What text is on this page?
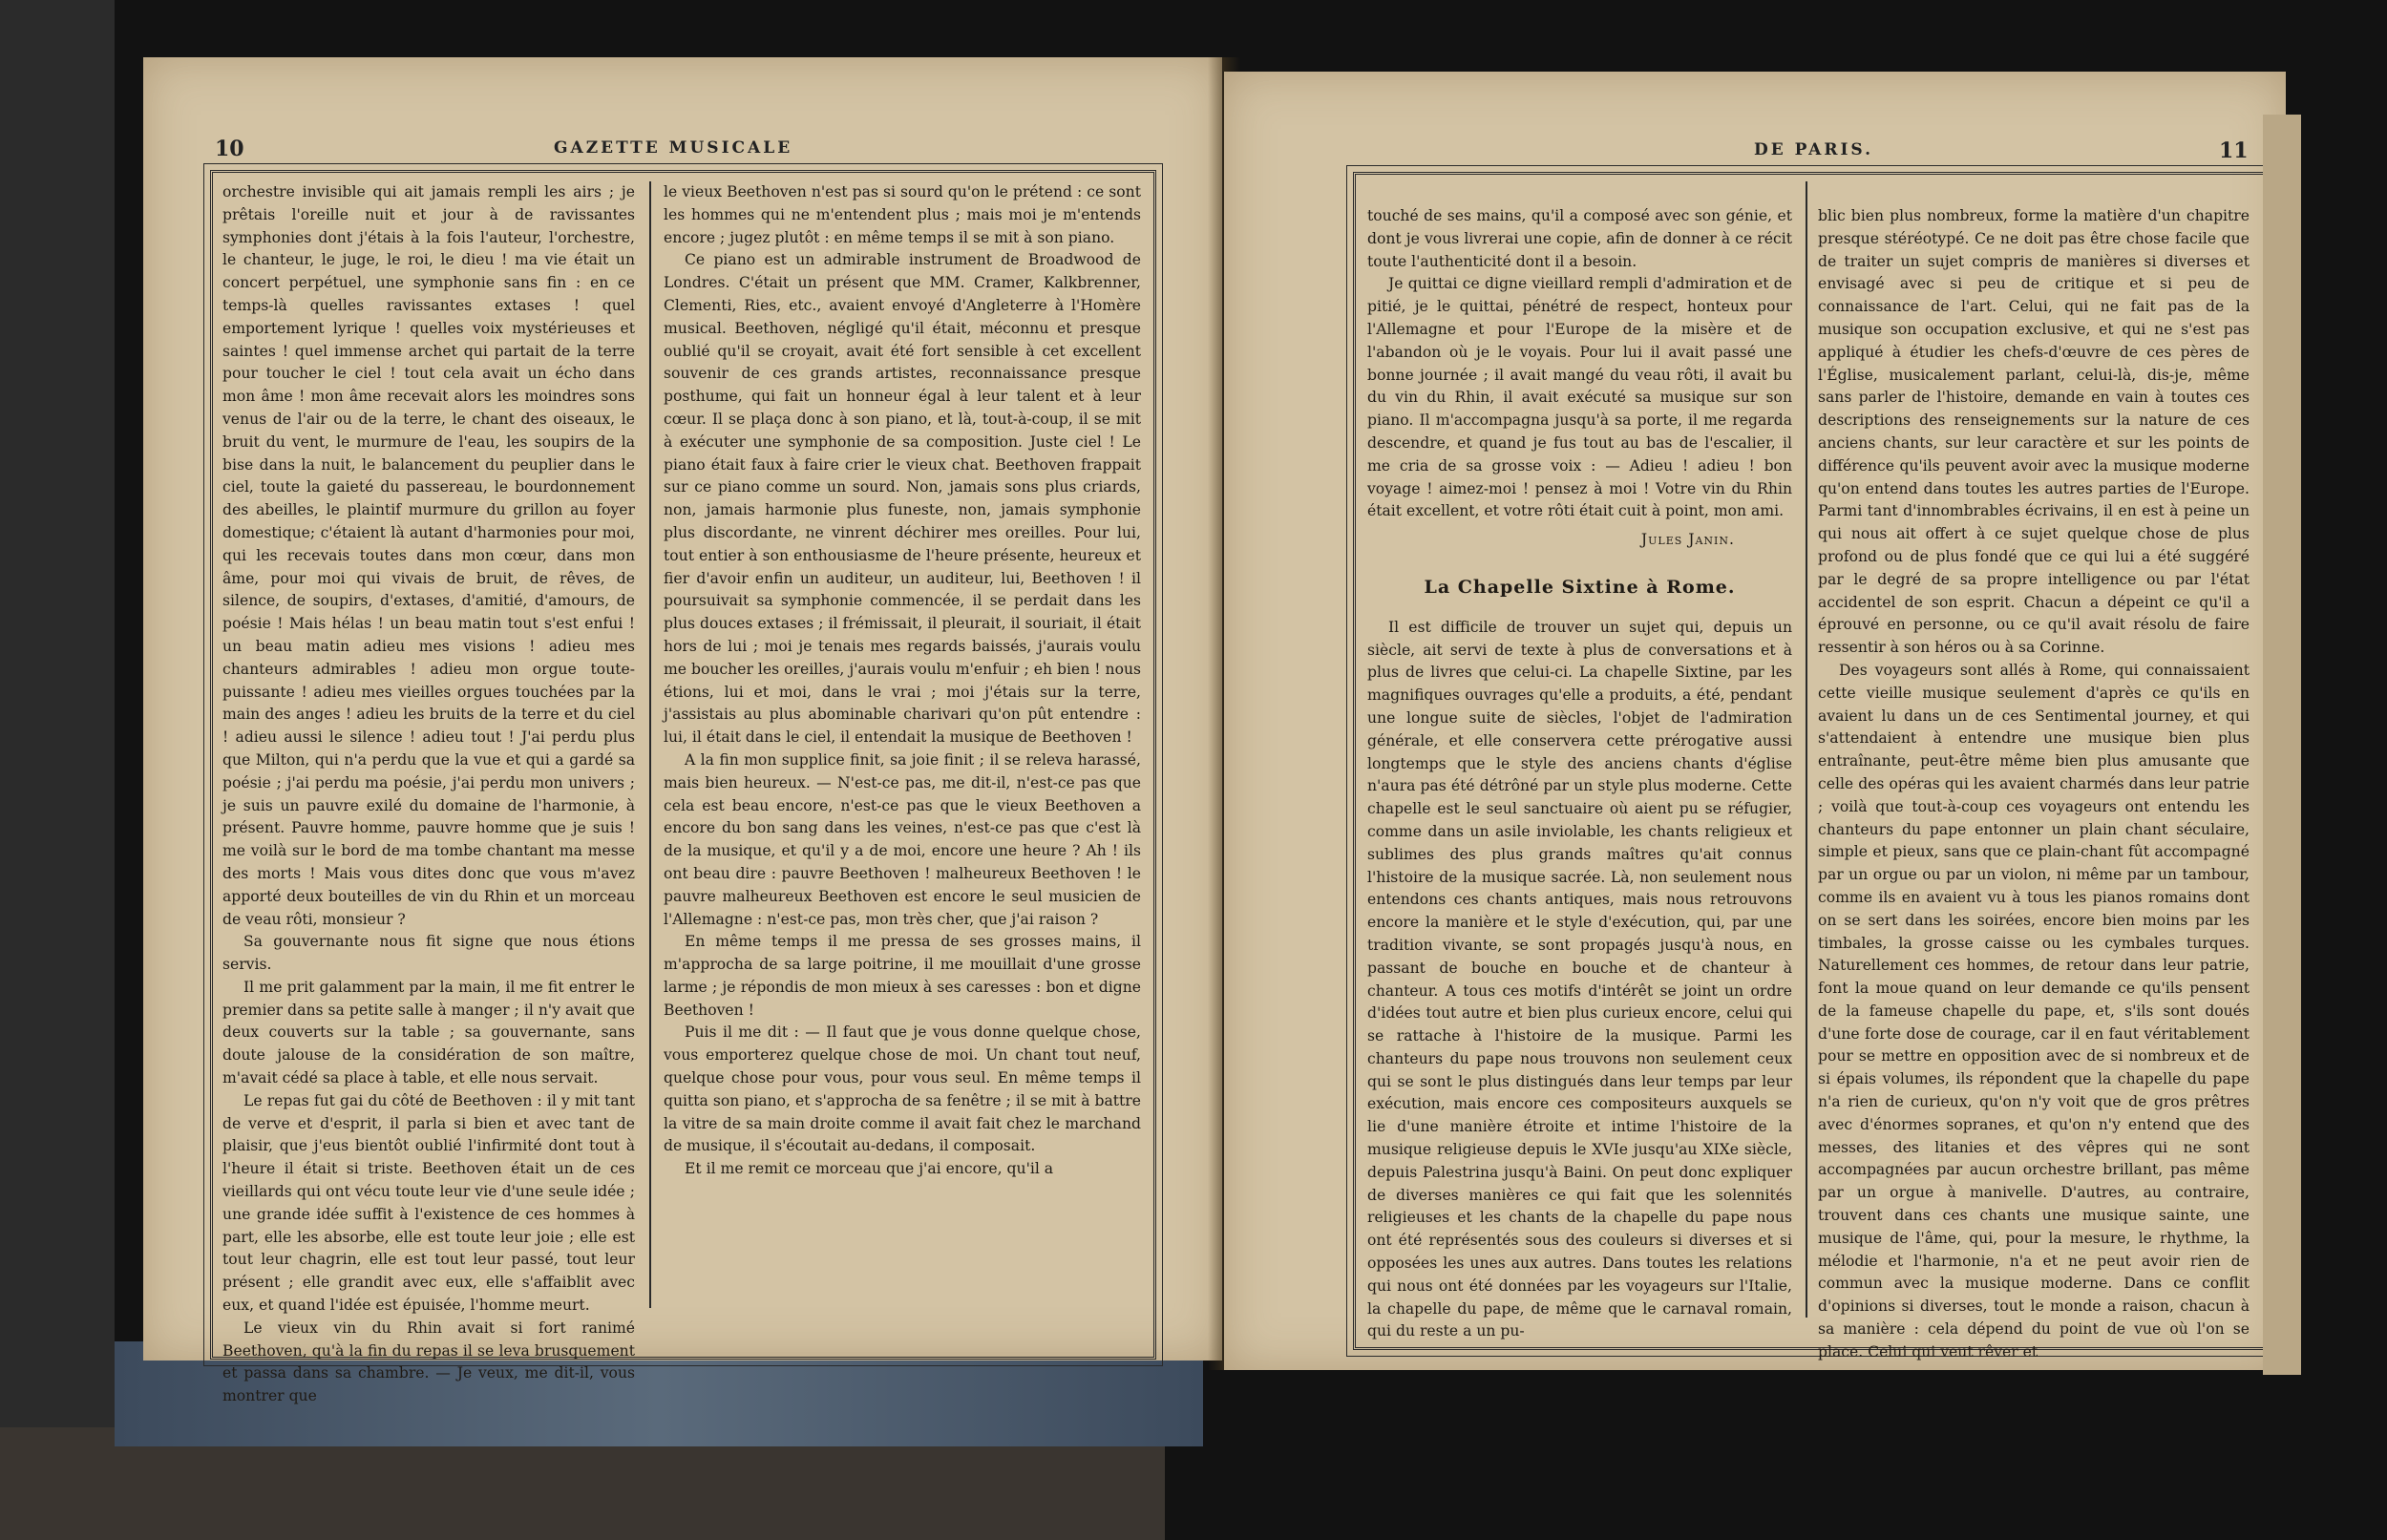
10	GAZETTE MUSICALE

orchestre invisible qui ait jamais rempli les airs ; je prêtais l'oreille nuit et jour à de ravissantes symphonies dont j'étais à la fois l'auteur, l'orchestre, le chanteur, le juge, le roi, le dieu ! ma vie était un concert perpétuel, une symphonie sans fin : en ce temps-là quelles ravissantes extases ! quel emportement lyrique ! quelles voix mystérieuses et saintes ! quel immense archet qui partait de la terre pour toucher le ciel ! tout cela avait un écho dans mon âme ! mon âme recevait alors les moindres sons venus de l'air ou de la terre, le chant des oiseaux, le bruit du vent, le murmure de l'eau, les soupirs de la bise dans la nuit, le balancement du peuplier dans le ciel, toute la gaieté du passereau, le bourdonnement des abeilles, le plaintif murmure du grillon au foyer domestique; c'étaient là autant d'harmonies pour moi, qui les recevais toutes dans mon cœur, dans mon âme, pour moi qui vivais de bruit, de rêves, de silence, de soupirs, d'extases, d'amitié, d'amours, de poésie ! Mais hélas ! un beau matin tout s'est enfui ! un beau matin adieu mes visions ! adieu mes chanteurs admirables ! adieu mon orgue toute-puissante ! adieu mes vieilles orgues touchées par la main des anges ! adieu les bruits de la terre et du ciel ! adieu aussi le silence ! adieu tout ! J'ai perdu plus que Milton, qui n'a perdu que la vue et qui a gardé sa poésie ; j'ai perdu ma poésie, j'ai perdu mon univers ; je suis un pauvre exilé du domaine de l'harmonie, à présent. Pauvre homme, pauvre homme que je suis ! me voilà sur le bord de ma tombe chantant ma messe des morts ! Mais vous dites donc que vous m'avez apporté deux bouteilles de vin du Rhin et un morceau de veau rôti, monsieur ?

Sa gouvernante nous fit signe que nous étions servis.

Il me prit galamment par la main, il me fit entrer le premier dans sa petite salle à manger ; il n'y avait que deux couverts sur la table ; sa gouvernante, sans doute jalouse de la considération de son maître, m'avait cédé sa place à table, et elle nous servait.

Le repas fut gai du côté de Beethoven : il y mit tant de verve et d'esprit, il parla si bien et avec tant de plaisir, que j'eus bientôt oublié l'infirmité dont tout à l'heure il était si triste. Beethoven était un de ces vieillards qui ont vécu toute leur vie d'une seule idée ; une grande idée suffit à l'existence de ces hommes à part, elle les absorbe, elle est toute leur joie ; elle est tout leur chagrin, elle est tout leur passé, tout leur présent ; elle grandit avec eux, elle s'affaiblit avec eux, et quand l'idée est épuisée, l'homme meurt.

Le vieux vin du Rhin avait si fort ranimé Beethoven, qu'à la fin du repas il se leva brusquement et passa dans sa chambre. — Je veux, me dit-il, vous montrer que

le vieux Beethoven n'est pas si sourd qu'on le prétend : ce sont les hommes qui ne m'entendent plus ; mais moi je m'entends encore ; jugez plutôt : en même temps il se mit à son piano.

Ce piano est un admirable instrument de Broadwood de Londres. C'était un présent que MM. Cramer, Kalkbrenner, Clementi, Ries, etc., avaient envoyé d'Angleterre à l'Homère musical. Beethoven, négligé qu'il était, méconnu et presque oublié qu'il se croyait, avait été fort sensible à cet excellent souvenir de ces grands artistes, reconnaissance presque posthume, qui fait un honneur égal à leur talent et à leur cœur. Il se plaça donc à son piano, et là, tout-à-coup, il se mit à exécuter une symphonie de sa composition. Juste ciel ! Le piano était faux à faire crier le vieux chat. Beethoven frappait sur ce piano comme un sourd. Non, jamais sons plus criards, non, jamais harmonie plus funeste, non, jamais symphonie plus discordante, ne vinrent déchirer mes oreilles. Pour lui, tout entier à son enthousiasme de l'heure présente, heureux et fier d'avoir enfin un auditeur, un auditeur, lui, Beethoven ! il poursuivait sa symphonie commencée, il se perdait dans les plus douces extases ; il frémissait, il pleurait, il souriait, il était hors de lui ; moi je tenais mes regards baissés, j'aurais voulu me boucher les oreilles, j'aurais voulu m'enfuir ; eh bien ! nous étions, lui et moi, dans le vrai ; moi j'étais sur la terre, j'assistais au plus abominable charivari qu'on pût entendre : lui, il était dans le ciel, il entendait la musique de Beethoven !

A la fin mon supplice finit, sa joie finit ; il se releva harassé, mais bien heureux. — N'est-ce pas, me dit-il, n'est-ce pas que cela est beau encore, n'est-ce pas que le vieux Beethoven a encore du bon sang dans les veines, n'est-ce pas que c'est là de la musique, et qu'il y a de moi, encore une heure ? Ah ! ils ont beau dire : pauvre Beethoven ! malheureux Beethoven ! le pauvre malheureux Beethoven est encore le seul musicien de l'Allemagne : n'est-ce pas, mon très cher, que j'ai raison ?

En même temps il me pressa de ses grosses mains, il m'approcha de sa large poitrine, il me mouillait d'une grosse larme ; je répondis de mon mieux à ses caresses : bon et digne Beethoven !

Puis il me dit : — Il faut que je vous donne quelque chose, vous emporterez quelque chose de moi. Un chant tout neuf, quelque chose pour vous, pour vous seul. En même temps il quitta son piano, et s'approcha de sa fenêtre ; il se mit à battre la vitre de sa main droite comme il avait fait chez le marchand de musique, il s'écoutait au-dedans, il composait.

Et il me remit ce morceau que j'ai encore, qu'il a

DE PARIS.	11

touché de ses mains, qu'il a composé avec son génie, et dont je vous livrerai une copie, afin de donner à ce récit toute l'authenticité dont il a besoin.

Je quittai ce digne vieillard rempli d'admiration et de pitié, je le quittai, pénétré de respect, honteux pour l'Allemagne et pour l'Europe de la misère et de l'abandon où je le voyais. Pour lui il avait passé une bonne journée ; il avait mangé du veau rôti, il avait bu du vin du Rhin, il avait exécuté sa musique sur son piano. Il m'accompagna jusqu'à sa porte, il me regarda descendre, et quand je fus tout au bas de l'escalier, il me cria de sa grosse voix : — Adieu ! adieu ! bon voyage ! aimez-moi ! pensez à moi ! Votre vin du Rhin était excellent, et votre rôti était cuit à point, mon ami.

Jules Janin.
La Chapelle Sixtine à Rome.

Il est difficile de trouver un sujet qui, depuis un siècle, ait servi de texte à plus de conversations et à plus de livres que celui-ci. La chapelle Sixtine, par les magnifiques ouvrages qu'elle a produits, a été, pendant une longue suite de siècles, l'objet de l'admiration générale, et elle conservera cette prérogative aussi longtemps que le style des anciens chants d'église n'aura pas été détrôné par un style plus moderne. Cette chapelle est le seul sanctuaire où aient pu se réfugier, comme dans un asile inviolable, les chants religieux et sublimes des plus grands maîtres qu'ait connus l'histoire de la musique sacrée. Là, non seulement nous entendons ces chants antiques, mais nous retrouvons encore la manière et le style d'exécution, qui, par une tradition vivante, se sont propagés jusqu'à nous, en passant de bouche en bouche et de chanteur à chanteur. A tous ces motifs d'intérêt se joint un ordre d'idées tout autre et bien plus curieux encore, celui qui se rattache à l'histoire de la musique. Parmi les chanteurs du pape nous trouvons non seulement ceux qui se sont le plus distingués dans leur temps par leur exécution, mais encore ces compositeurs auxquels se lie d'une manière étroite et intime l'histoire de la musique religieuse depuis le XVIe jusqu'au XIXe siècle, depuis Palestrina jusqu'à Baini. On peut donc expliquer de diverses manières ce qui fait que les solennités religieuses et les chants de la chapelle du pape nous ont été représentés sous des couleurs si diverses et si opposées les unes aux autres. Dans toutes les relations qui nous ont été données par les voyageurs sur l'Italie, la chapelle du pape, de même que le carnaval romain, qui du reste a un pu-

blic bien plus nombreux, forme la matière d'un chapitre presque stéréotypé. Ce ne doit pas être chose facile que de traiter un sujet compris de manières si diverses et envisagé avec si peu de critique et si peu de connaissance de l'art. Celui, qui ne fait pas de la musique son occupation exclusive, et qui ne s'est pas appliqué à étudier les chefs-d'œuvre de ces pères de l'Église, musicalement parlant, celui-là, dis-je, même sans parler de l'histoire, demande en vain à toutes ces descriptions des renseignements sur la nature de ces anciens chants, sur leur caractère et sur les points de différence qu'ils peuvent avoir avec la musique moderne qu'on entend dans toutes les autres parties de l'Europe. Parmi tant d'innombrables écrivains, il en est à peine un qui nous ait offert à ce sujet quelque chose de plus profond ou de plus fondé que ce qui lui a été suggéré par le degré de sa propre intelligence ou par l'état accidentel de son esprit. Chacun a dépeint ce qu'il a éprouvé en personne, ou ce qu'il avait résolu de faire ressentir à son héros ou à sa Corinne.

Des voyageurs sont allés à Rome, qui connaissaient cette vieille musique seulement d'après ce qu'ils en avaient lu dans un de ces Sentimental journey, et qui s'attendaient à entendre une musique bien plus entraînante, peut-être même bien plus amusante que celle des opéras qui les avaient charmés dans leur patrie ; voilà que tout-à-coup ces voyageurs ont entendu les chanteurs du pape entonner un plain chant séculaire, simple et pieux, sans que ce plain-chant fût accompagné par un orgue ou par un violon, ni même par un tambour, comme ils en avaient vu à tous les pianos romains dont on se sert dans les soirées, encore bien moins par les timbales, la grosse caisse ou les cymbales turques. Naturellement ces hommes, de retour dans leur patrie, font la moue quand on leur demande ce qu'ils pensent de la fameuse chapelle du pape, et, s'ils sont doués d'une forte dose de courage, car il en faut véritablement pour se mettre en opposition avec de si nombreux et de si épais volumes, ils répondent que la chapelle du pape n'a rien de curieux, qu'on n'y voit que de gros prêtres avec d'énormes sopranes, et qu'on n'y entend que des messes, des litanies et des vêpres qui ne sont accompagnées par aucun orchestre brillant, pas même par un orgue à manivelle. D'autres, au contraire, trouvent dans ces chants une musique sainte, une musique de l'âme, qui, pour la mesure, le rhythme, la mélodie et l'harmonie, n'a et ne peut avoir rien de commun avec la musique moderne. Dans ce conflit d'opinions si diverses, tout le monde a raison, chacun à sa manière : cela dépend du point de vue où l'on se place. Celui qui veut rêver et
